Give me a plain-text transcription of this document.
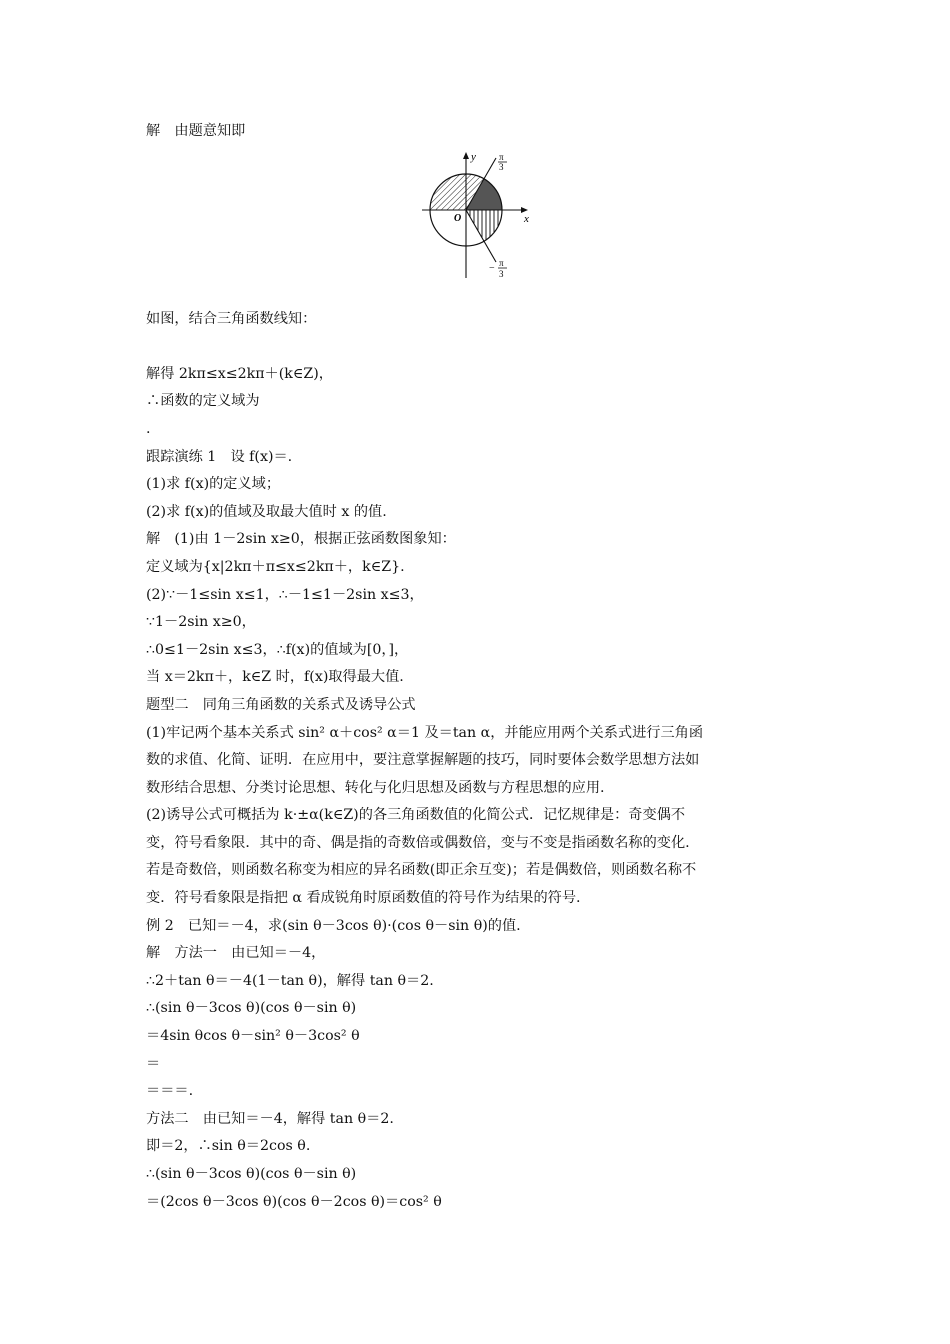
解　由题意知即
y
x
O
π
3
− π
3
如图，结合三角函数线知：
解得 2kπ≤x≤2kπ＋(k∈Z)，
∴函数的定义域为
.
跟踪演练 1　设 f(x)＝.
(1)求 f(x)的定义域；
(2)求 f(x)的值域及取最大值时 x 的值.
解　(1)由 1－2sin x≥0，根据正弦函数图象知：
定义域为{x|2kπ＋π≤x≤2kπ＋，k∈Z}.
(2)∵－1≤sin x≤1，∴－1≤1－2sin x≤3，
∵1－2sin x≥0，
∴0≤1－2sin x≤3，∴f(x)的值域为[0，]，
当 x＝2kπ＋，k∈Z 时，f(x)取得最大值.
题型二　同角三角函数的关系式及诱导公式
(1)牢记两个基本关系式 sin² α＋cos² α＝1 及＝tan α，并能应用两个关系式进行三角函
数的求值、化简、证明．在应用中，要注意掌握解题的技巧，同时要体会数学思想方法如
数形结合思想、分类讨论思想、转化与化归思想及函数与方程思想的应用.
(2)诱导公式可概括为 k·±α(k∈Z)的各三角函数值的化简公式．记忆规律是：奇变偶不
变，符号看象限．其中的奇、偶是指的奇数倍或偶数倍，变与不变是指函数名称的变化.
若是奇数倍，则函数名称变为相应的异名函数(即正余互变)；若是偶数倍，则函数名称不
变．符号看象限是指把 α 看成锐角时原函数值的符号作为结果的符号.
例 2　已知＝－4，求(sin θ－3cos θ)·(cos θ－sin θ)的值.
解　方法一　由已知＝－4，
∴2＋tan θ＝－4(1－tan θ)，解得 tan θ＝2.
∴(sin θ－3cos θ)(cos θ－sin θ)
＝4sin θcos θ－sin² θ－3cos² θ
＝
＝＝＝.
方法二　由已知＝－4，解得 tan θ＝2.
即＝2，∴sin θ＝2cos θ.
∴(sin θ－3cos θ)(cos θ－sin θ)
＝(2cos θ－3cos θ)(cos θ－2cos θ)＝cos² θ
